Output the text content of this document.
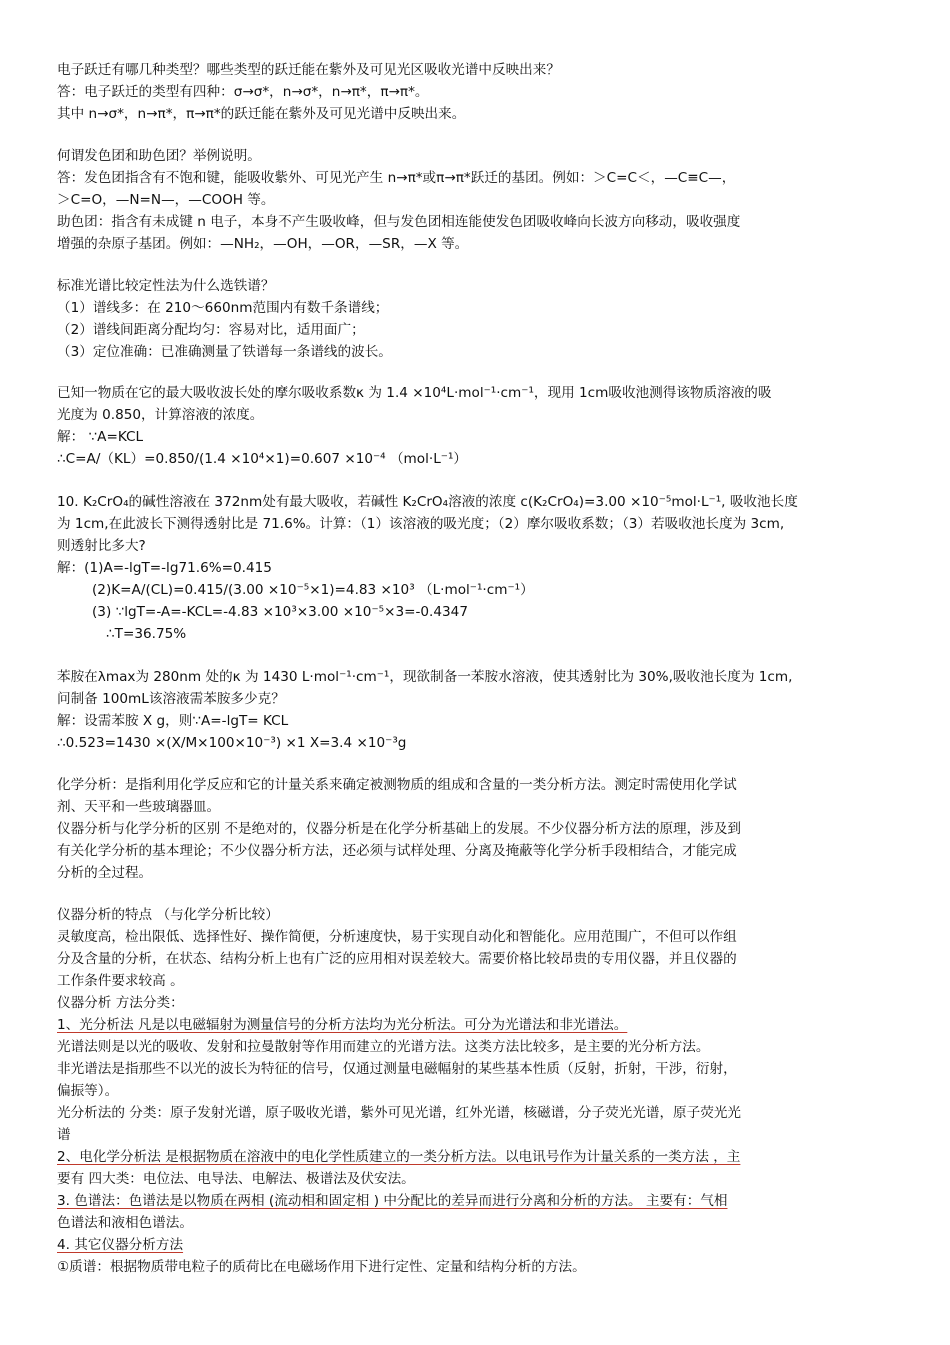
电子跃迁有哪几种类型？哪些类型的跃迁能在紫外及可见光区吸收光谱中反映出来？
答：电子跃迁的类型有四种：σ→σ*，n→σ*，n→π*，π→π*。
其中 n→σ*，n→π*，π→π*的跃迁能在紫外及可见光谱中反映出来。
何谓发色团和助色团？举例说明。
答：发色团指含有不饱和键，能吸收紫外、可见光产生 n→π*或π→π*跃迁的基团。例如：＞C=C＜，—C≡C—，
＞C=O，—N=N—，—COOH 等。
助色团：指含有未成键 n 电子，本身不产生吸收峰，但与发色团相连能使发色团吸收峰向长波方向移动，吸收强度
增强的杂原子基团。例如：—NH₂，—OH，—OR，—SR，—X 等。
标准光谱比较定性法为什么选铁谱？
（1）谱线多：在 210～660nm范围内有数千条谱线；
（2）谱线间距离分配均匀：容易对比，适用面广；
（3）定位准确：已准确测量了铁谱每一条谱线的波长。
已知一物质在它的最大吸收波长处的摩尔吸收系数κ 为 1.4 ×10⁴L·mol⁻¹·cm⁻¹，现用 1cm吸收池测得该物质溶液的吸
光度为 0.850，计算溶液的浓度。
解： ∵A=KCL
∴C=A/（KL）=0.850/(1.4 ×10⁴×1)=0.607 ×10⁻⁴ （mol·L⁻¹）
10. K₂CrO₄的碱性溶液在 372nm处有最大吸收，若碱性 K₂CrO₄溶液的浓度 c(K₂CrO₄)=3.00 ×10⁻⁵mol·L⁻¹, 吸收池长度
为 1cm,在此波长下测得透射比是 71.6%。计算：（1）该溶液的吸光度；（2）摩尔吸收系数；（3）若吸收池长度为 3cm,
则透射比多大?
解：(1)A=-lgT=-lg71.6%=0.415
(2)K=A/(CL)=0.415/(3.00 ×10⁻⁵×1)=4.83 ×10³ （L·mol⁻¹·cm⁻¹）
(3) ∵lgT=-A=-KCL=-4.83 ×10³×3.00 ×10⁻⁵×3=-0.4347
∴T=36.75%
苯胺在λmax为 280nm 处的κ 为 1430 L·mol⁻¹·cm⁻¹，现欲制备一苯胺水溶液，使其透射比为 30%,吸收池长度为 1cm,
问制备 100mL该溶液需苯胺多少克？
解：设需苯胺 X g，则∵A=-lgT= KCL
∴0.523=1430 ×(X/M×100×10⁻³) ×1 X=3.4 ×10⁻³g
化学分析：是指利用化学反应和它的计量关系来确定被测物质的组成和含量的一类分析方法。测定时需使用化学试
剂、天平和一些玻璃器皿。
仪器分析与化学分析的区别 不是绝对的，仪器分析是在化学分析基础上的发展。不少仪器分析方法的原理，涉及到
有关化学分析的基本理论；不少仪器分析方法，还必须与试样处理、分离及掩蔽等化学分析手段相结合，才能完成
分析的全过程。
仪器分析的特点 （与化学分析比较）
灵敏度高，检出限低、选择性好、操作简便，分析速度快，易于实现自动化和智能化。应用范围广，不但可以作组
分及含量的分析，在状态、结构分析上也有广泛的应用相对误差较大。需要价格比较昂贵的专用仪器，并且仪器的
工作条件要求较高 。
仪器分析 方法分类：
1、光分析法 凡是以电磁辐射为测量信号的分析方法均为光分析法。可分为光谱法和非光谱法。
光谱法则是以光的吸收、发射和拉曼散射等作用而建立的光谱方法。这类方法比较多，是主要的光分析方法。
非光谱法是指那些不以光的波长为特征的信号，仅通过测量电磁幅射的某些基本性质（反射，折射，干涉，衍射，
偏振等）。
光分析法的 分类：原子发射光谱，原子吸收光谱，紫外可见光谱，红外光谱，核磁谱，分子荧光光谱，原子荧光光
谱
2、电化学分析法 是根据物质在溶液中的电化学性质建立的一类分析方法。以电讯号作为计量关系的一类方法 ，主
要有 四大类：电位法、电导法、电解法、极谱法及伏安法。
3. 色谱法：色谱法是以物质在两相 (流动相和固定相 ) 中分配比的差异而进行分离和分析的方法。 主要有：气相
色谱法和液相色谱法。
4. 其它仪器分析方法
①质谱：根据物质带电粒子的质荷比在电磁场作用下进行定性、定量和结构分析的方法。
